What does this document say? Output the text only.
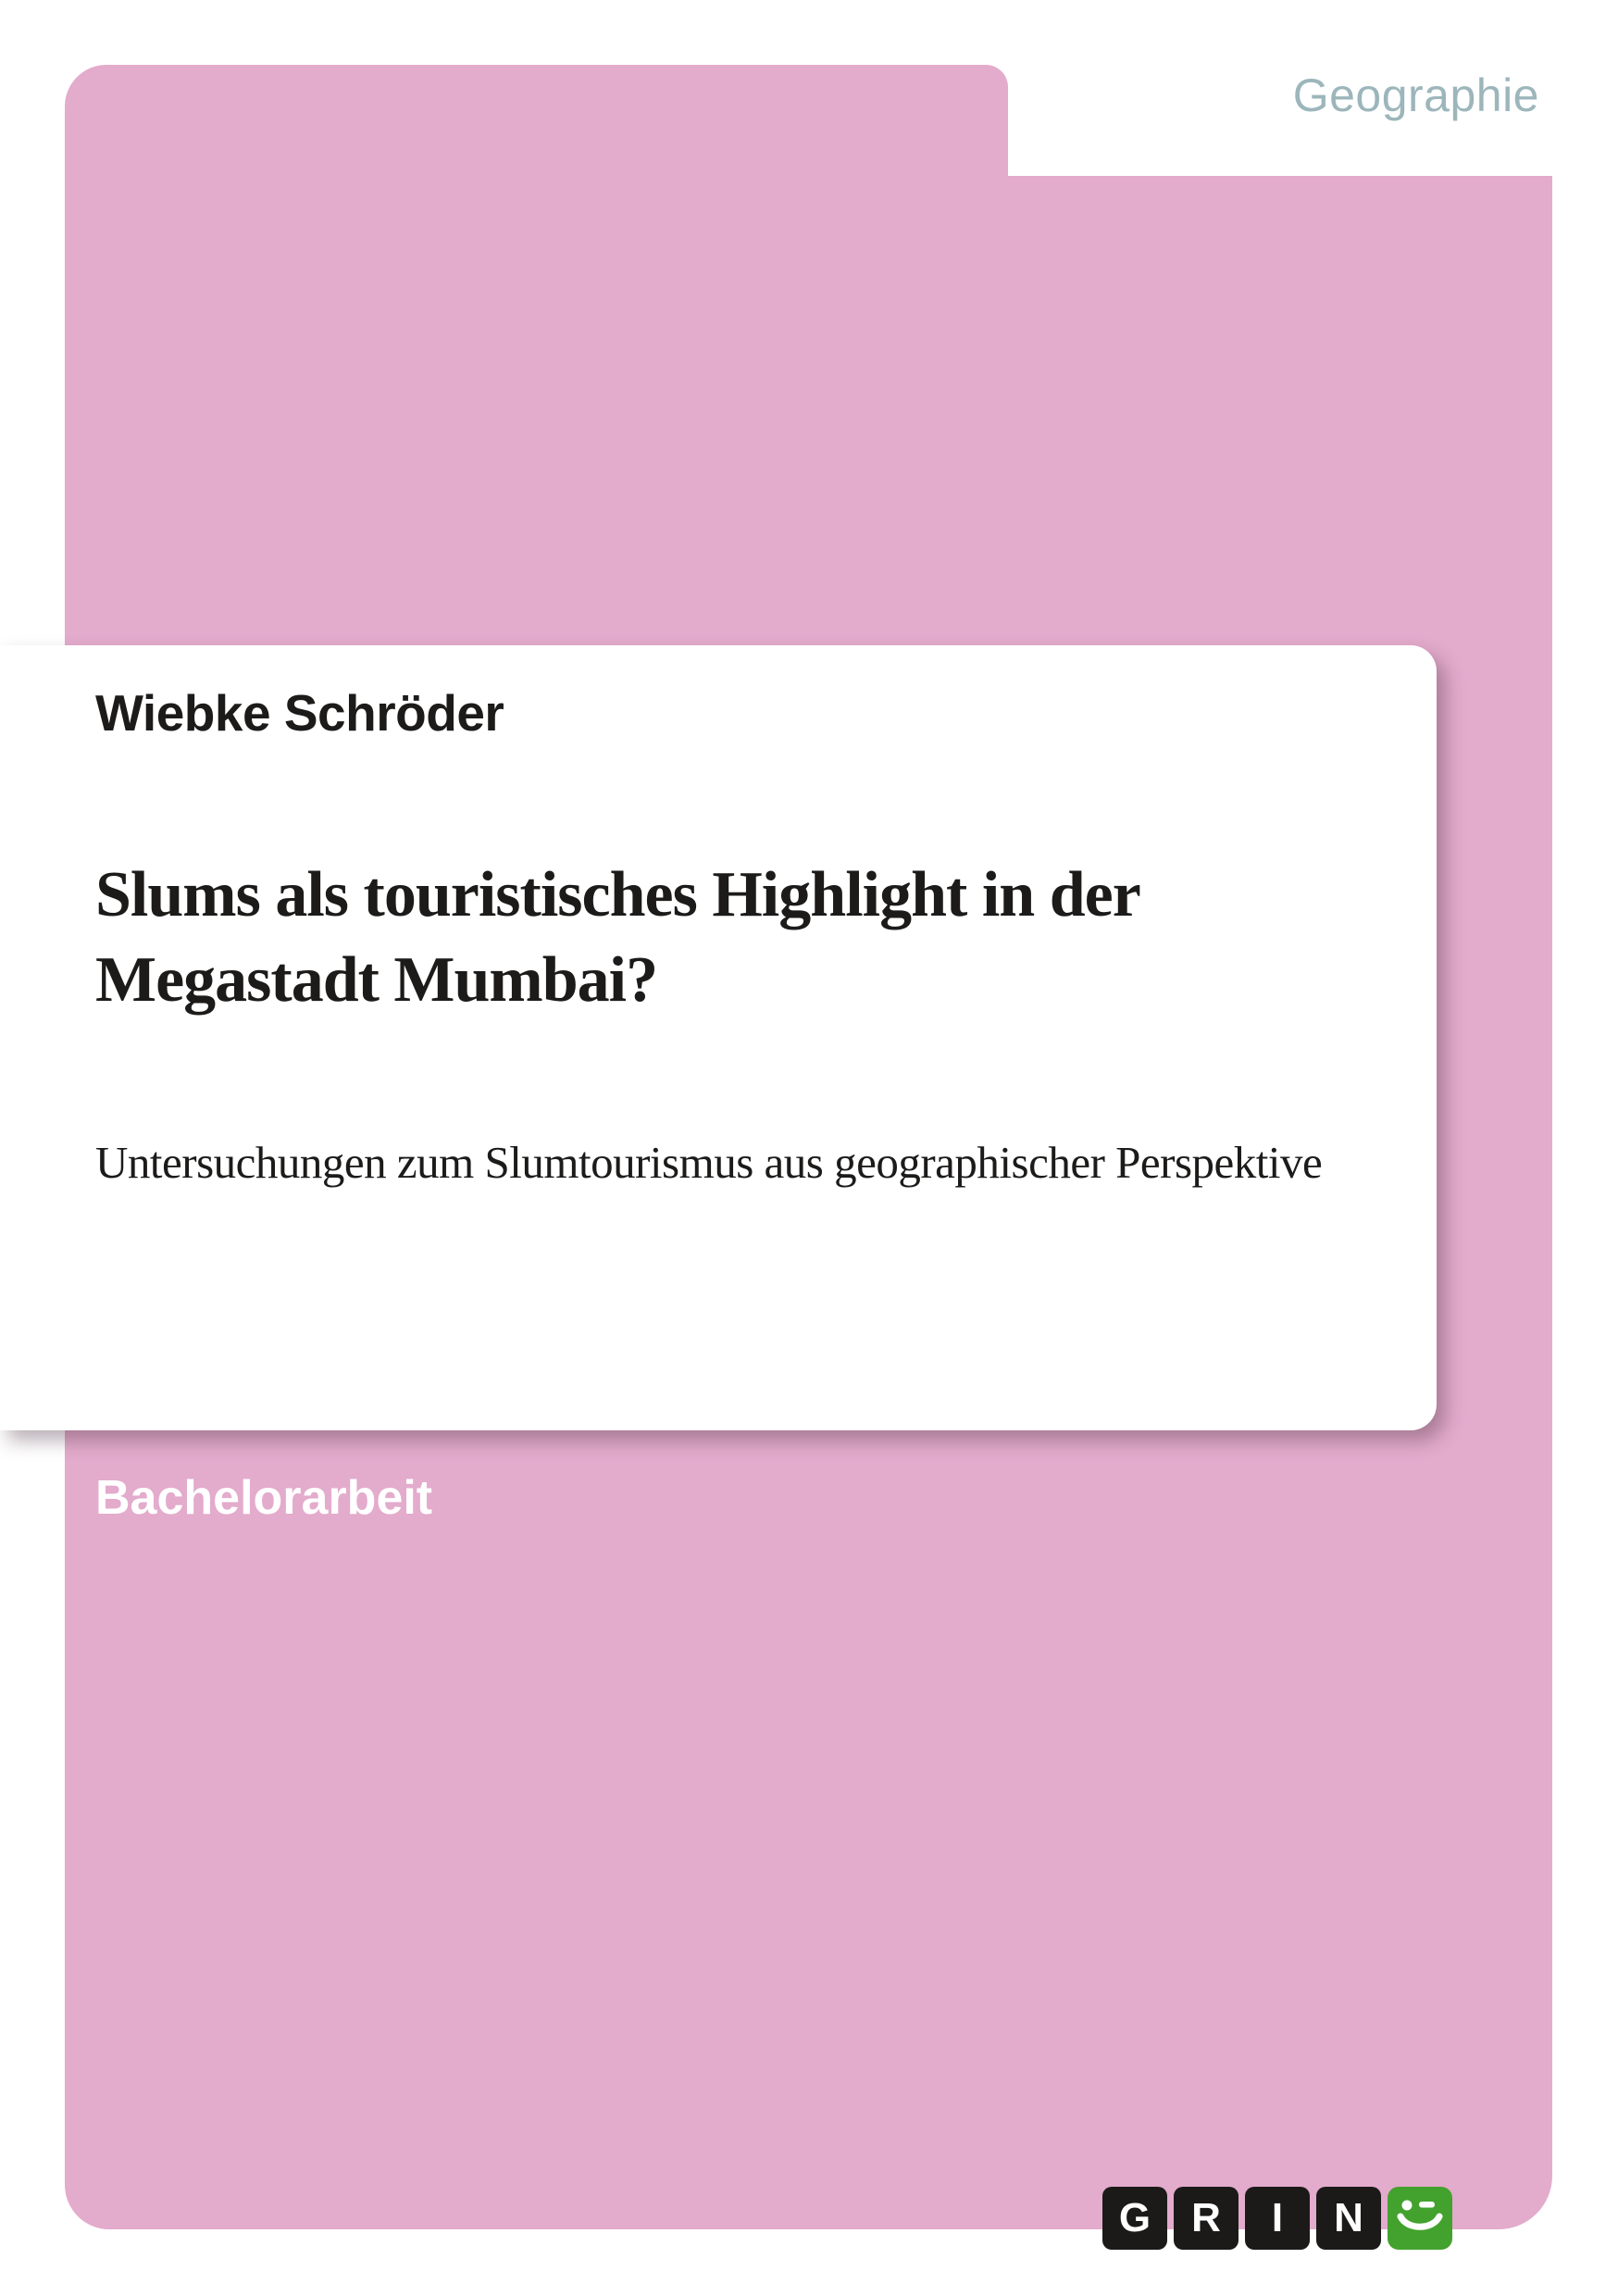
Geographie
Wiebke Schröder
Slums als touristisches Highlight in der Megastadt Mumbai?
Untersuchungen zum Slumtourismus aus geographischer Perspektive
Bachelorarbeit
G	R	I	N
